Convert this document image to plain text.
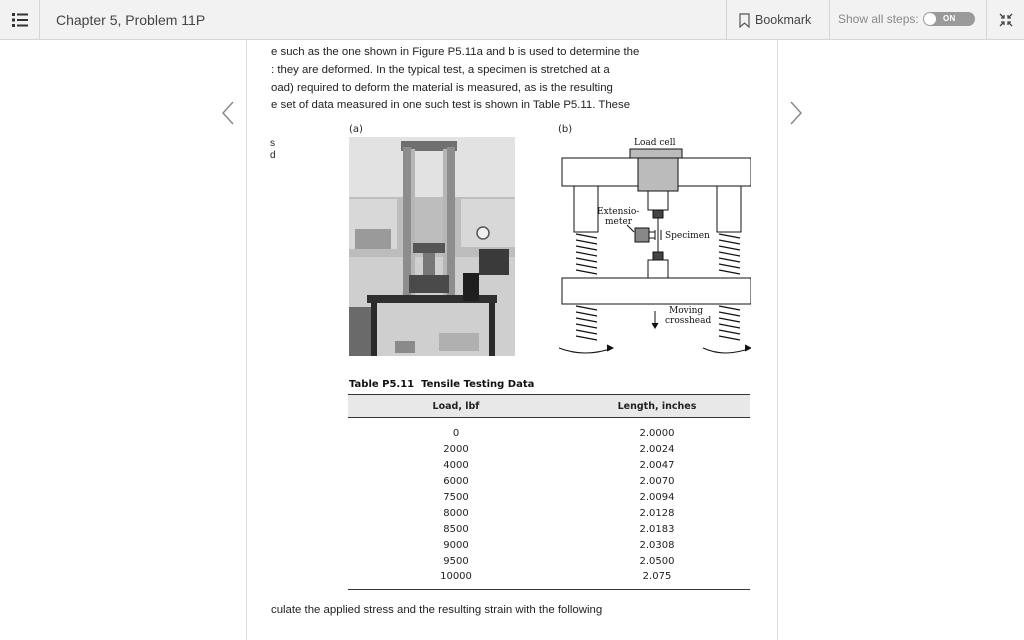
Chapter 5, Problem 11P	Bookmark Show all steps:	ON
e such as the one shown in Figure P5.11a and b is used to determine the
: they are deformed. In the typical test, a specimen is stretched at a
oad) required to deform the material is measured, as is the resulting
e set of data measured in one such test is shown in Table P5.11. These
s
d
(a)	(b)
Load cell
Extensio-
meter
Specimen
Moving
crosshead
Table P5.11 Tensile Testing Data
Load, lbf	Length, inches
0	2.0000
2000	2.0024
4000	2.0047
6000	2.0070
7500	2.0094
8000	2.0128
8500	2.0183
9000	2.0308
9500	2.0500
10000	2.075
culate the applied stress and the resulting strain with the following
